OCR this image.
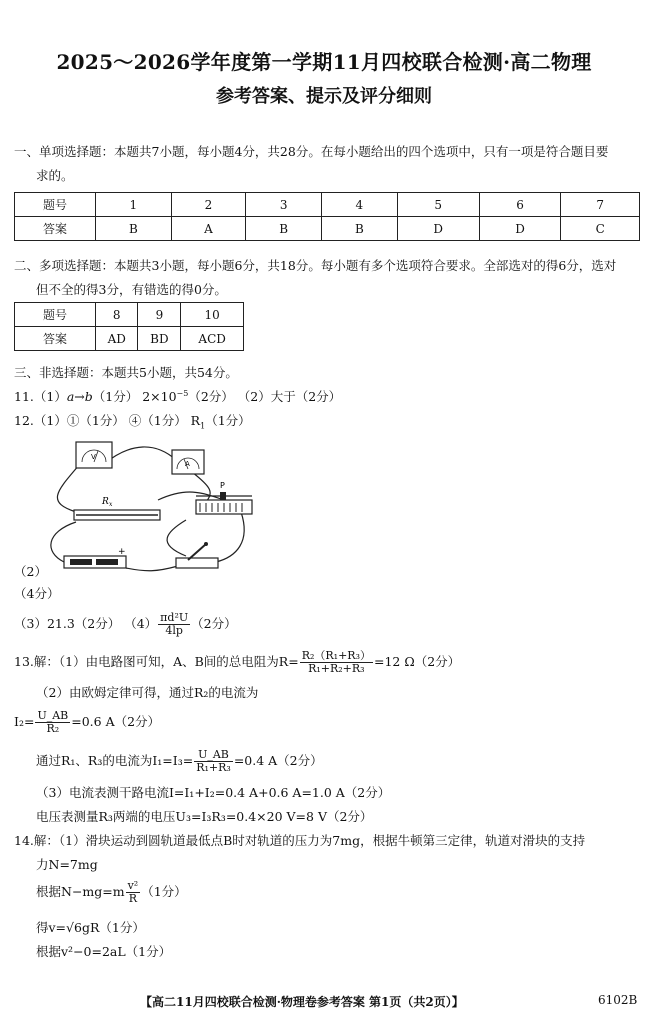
2025～2026学年度第一学期11月四校联合检测·高二物理
参考答案、提示及评分细则
一、单项选择题：本题共7小题，每小题4分，共28分。在每小题给出的四个选项中，只有一项是符合题目要
求的。
题号	1	2	3	4	5	6	7
答案	B	A	B	B	D	D	C
二、多项选择题：本题共3小题，每小题6分，共18分。每小题有多个选项符合要求。全部选对的得6分，选对
但不全的得3分，有错选的得0分。
题号	8	9	10
答案	AD	BD	ACD
三、非选择题：本题共5小题，共54分。
11.（1）a→b（1分） $2\times 10^{-5}(2$分） （2）大于（2分）
12.（1）①（1分） ④（1分） $R_1(1$分）
V
A
R x
P
+
（2）
（4分）
（3）21.3（2分） $(4) \frac{\text{πd²U}}{4lp} (2$分）
13.解：（1）由电路图可知，A、B间的总电阻为$R= \frac{\text{R₂（R₁+R₃）}}{\text{R₁+R₂+R₃}} =12$ Ω（2分）
（2）由欧姆定律可得，通过R₂的电流为
$I_2= \frac{U\_AB}{\text{R₂}} =0.6$ A（2分）
通过R₁、R₃的电流为$I_1=I_3= \frac{U\_AB}{\text{R₁+R₃}} =0.4$ A（2分）
（3）电流表测干路电流I=I₁+I₂=0.4 A+0.6 A=1.0 A（2分）
电压表测量R₃两端的电压U₃=I₃R₃=0.4×20 V=8 V（2分）
14.解：（1）滑块运动到圆轨道最低点B时对轨道的压力为7mg，根据牛顿第三定律，轨道对滑块的支持
力N=7mg
根据$N-mg=m \frac{\text{v²}}{R} (1$分）
得v=√6gR（1分）
根据v²−0=2aL（1分）
【高二11月四校联合检测·物理卷参考答案 第1页（共2页）】	6102B
